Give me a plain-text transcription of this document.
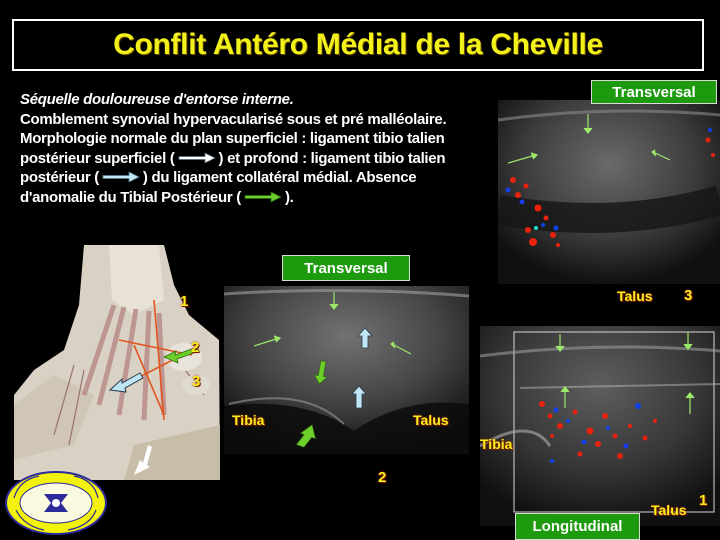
Conflit Antéro Médial de la Cheville

Séquelle douloureuse d'entorse interne.

Comblement synovial hypervacularisé sous et pré malléolaire. Morphologie normale du plan superficiel : ligament tibio talien postérieur superficiel (	) et profond : ligament tibio talien postérieur (	) du ligament collatéral médial. Absence d'anomalie du Tibial Postérieur (	).

1
2
3
Transversal
Talus 3
Transversal
Tibia	Talus
2
Longitudinal
Tibia
Talus
1
